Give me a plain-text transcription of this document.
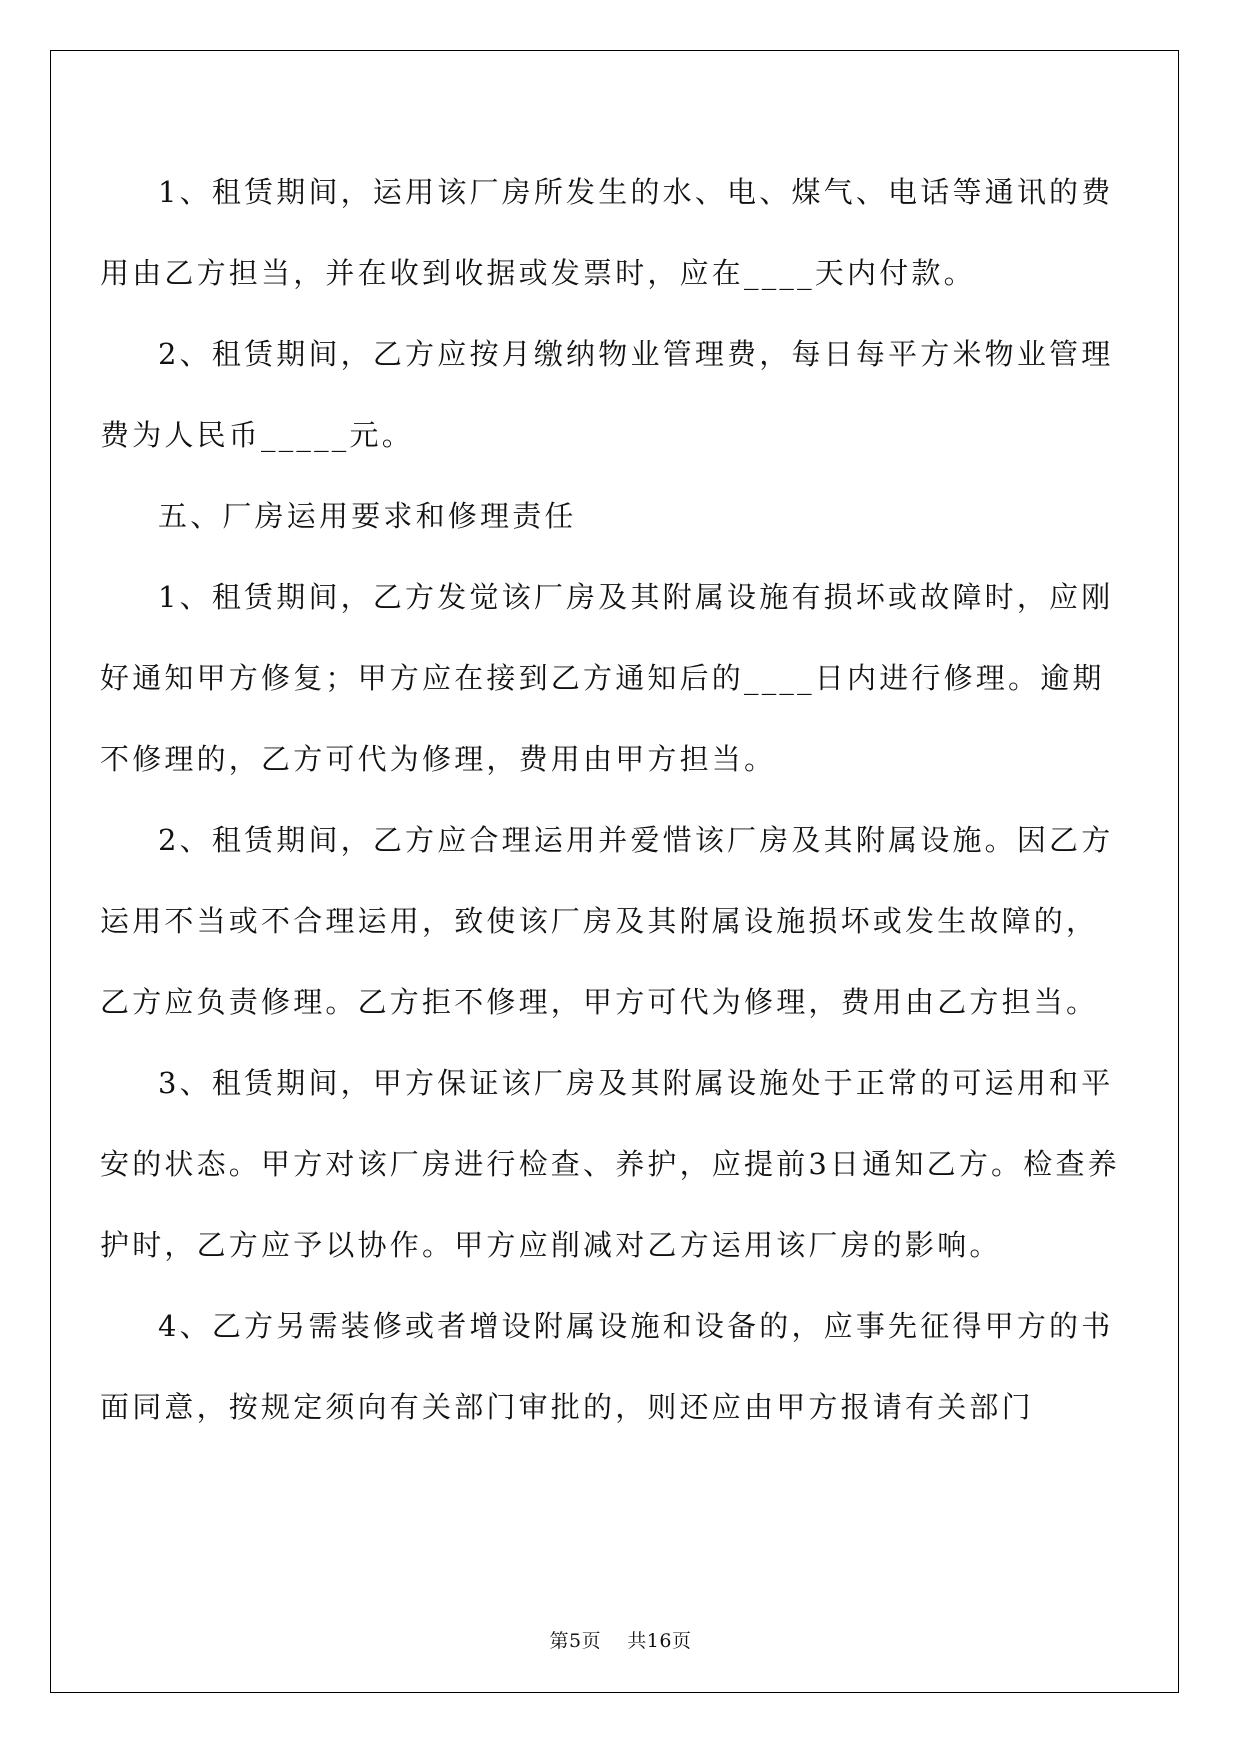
1、租赁期间，运用该厂房所发生的水、电、煤气、电话等通讯的费用由乙方担当，并在收到收据或发票时，应在____天内付款。

2、租赁期间，乙方应按月缴纳物业管理费，每日每平方米物业管理费为人民币_____元。

五、厂房运用要求和修理责任

1、租赁期间，乙方发觉该厂房及其附属设施有损坏或故障时，应刚好通知甲方修复；甲方应在接到乙方通知后的____日内进行修理。逾期不修理的，乙方可代为修理，费用由甲方担当。

2、租赁期间，乙方应合理运用并爱惜该厂房及其附属设施。因乙方运用不当或不合理运用，致使该厂房及其附属设施损坏或发生故障的，乙方应负责修理。乙方拒不修理，甲方可代为修理，费用由乙方担当。

3、租赁期间，甲方保证该厂房及其附属设施处于正常的可运用和平安的状态。甲方对该厂房进行检查、养护，应提前3日通知乙方。检查养护时，乙方应予以协作。甲方应削减对乙方运用该厂房的影响。

4、乙方另需装修或者增设附属设施和设备的，应事先征得甲方的书面同意，按规定须向有关部门审批的，则还应由甲方报请有关部门

第5页 共16页
